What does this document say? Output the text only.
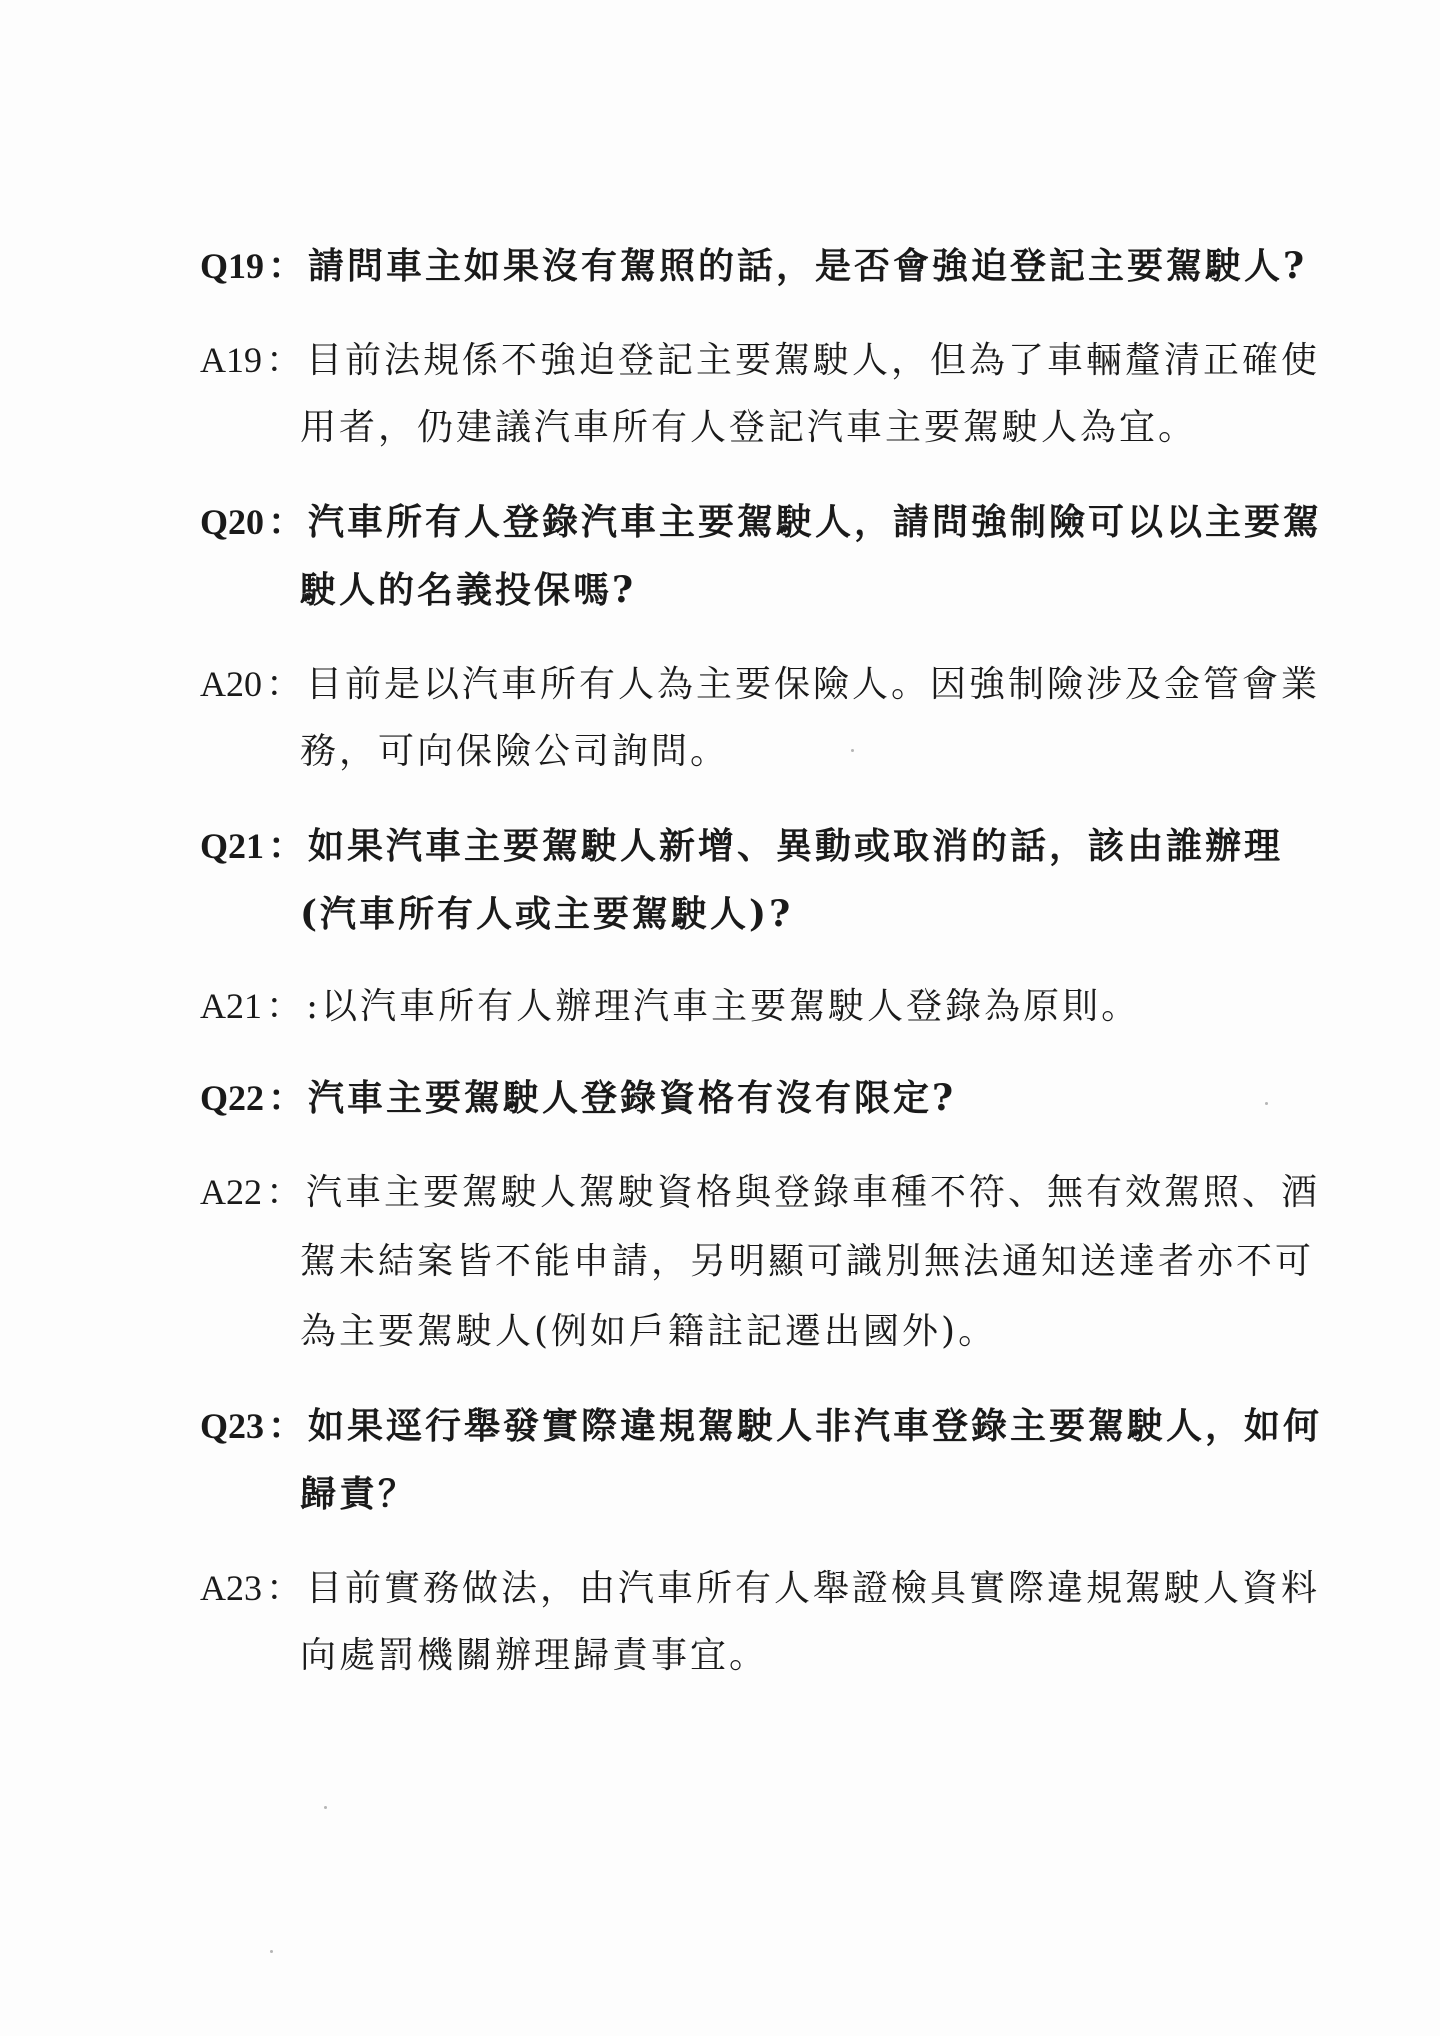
Q19 ： 請問車主如果沒有駕照的話，是否會強迫登記主要駕駛人?
A19 ： 目前法規係不強迫登記主要駕駛人，但為了車輛釐清正確使
用者，仍建議汽車所有人登記汽車主要駕駛人為宜。
Q20 ： 汽車所有人登錄汽車主要駕駛人，請問強制險可以以主要駕
駛人的名義投保嗎?
A20 ： 目前是以汽車所有人為主要保險人。因強制險涉及金管會業
務，可向保險公司詢問。
Q21 ： 如果汽車主要駕駛人新增、異動或取消的話，該由誰辦理
(汽車所有人或主要駕駛人)?
A21 ： :以汽車所有人辦理汽車主要駕駛人登錄為原則。
Q22 ： 汽車主要駕駛人登錄資格有沒有限定?
A22 ： 汽車主要駕駛人駕駛資格與登錄車種不符、無有效駕照、酒
駕未結案皆不能申請，另明顯可識別無法通知送達者亦不可
為主要駕駛人(例如戶籍註記遷出國外)。
Q23 ： 如果逕行舉發實際違規駕駛人非汽車登錄主要駕駛人，如何
歸責？
A23 ： 目前實務做法，由汽車所有人舉證檢具實際違規駕駛人資料
向處罰機關辦理歸責事宜。
